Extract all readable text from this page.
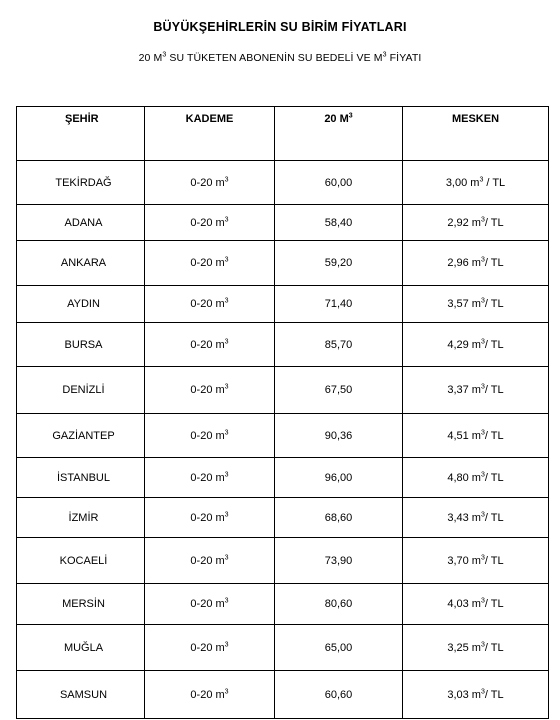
BÜYÜKŞEHİRLERİN SU BİRİM FİYATLARI
20 $M^3$ SU TÜKETEN ABONENİN SU BEDELİ VE $M^3$ FİYATI
ŞEHİR	KADEME	20 $M^3$	MESKEN
TEKİRDAĞ	0-20 $m^3$	60,00	3,00 $m^3$ / TL
ADANA	0-20 $m^3$	58,40	2,92 $m^3/$ TL
ANKARA	0-20 $m^3$	59,20	2,96 $m^3/$ TL
AYDIN	0-20 $m^3$	71,40	3,57 $m^3/$ TL
BURSA	0-20 $m^3$	85,70	4,29 $m^3/$ TL
DENİZLİ	0-20 $m^3$	67,50	3,37 $m^3/$ TL
GAZİANTEP	0-20 $m^3$	90,36	4,51 $m^3/$ TL
İSTANBUL	0-20 $m^3$	96,00	4,80 $m^3/$ TL
İZMİR	0-20 $m^3$	68,60	3,43 $m^3/$ TL
KOCAELİ	0-20 $m^3$	73,90	3,70 $m^3/$ TL
MERSİN	0-20 $m^3$	80,60	4,03 $m^3/$ TL
MUĞLA	0-20 $m^3$	65,00	3,25 $m^3/$ TL
SAMSUN	0-20 $m^3$	60,60	3,03 $m^3/$ TL
